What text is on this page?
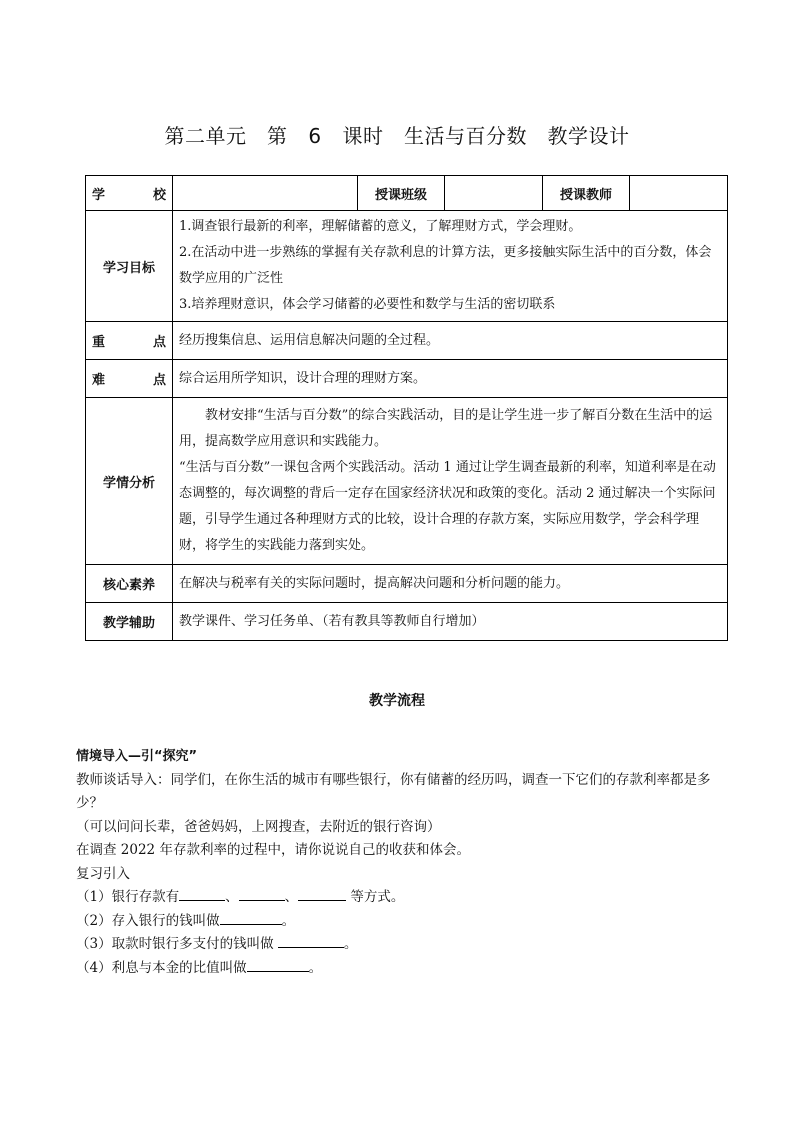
第二单元　第 6 课时　生活与百分数　教学设计
学　　校		授课班级		授课教师	
学习目标	1.调查银行最新的利率，理解储蓄的意义，了解理财方式，学会理财。

2.在活动中进一步熟练的掌握有关存款利息的计算方法，更多接触实际生活中的百分数，体会数学应用的广泛性

3.培养理财意识，体会学习储蓄的必要性和数学与生活的密切联系				

重　　点	经历搜集信息、运用信息解决问题的全过程。				
难　　点	综合运用所学知识，设计合理的理财方案。				
学情分析	教材安排“生活与百分数”的综合实践活动，目的是让学生进一步了解百分数在生活中的运用，提高数学应用意识和实践能力。

“生活与百分数”一课包含两个实践活动。活动 1 通过让学生调查最新的利率，知道利率是在动态调整的，每次调整的背后一定存在国家经济状况和政策的变化。活动 2 通过解决一个实际问题，引导学生通过各种理财方式的比较，设计合理的存款方案，实际应用数学，学会科学理财，将学生的实践能力落到实处。				

核心素养	在解决与税率有关的实际问题时，提高解决问题和分析问题的能力。				
教学辅助	教学课件、学习任务单、（若有教具等教师自行增加）				
教学流程

情境导入—引“探究”

教师谈话导入：同学们，在你生活的城市有哪些银行，你有储蓄的经历吗，调查一下它们的存款利率都是多少？

（可以问问长辈，爸爸妈妈，上网搜查，去附近的银行咨询）

在调查 2022 年存款利率的过程中，请你说说自己的收获和体会。

复习引入

（1）银行存款有	、	、	等方式。

（2）存入银行的钱叫做	。

（3）取款时银行多支付的钱叫做	。

（4）利息与本金的比值叫做	。
